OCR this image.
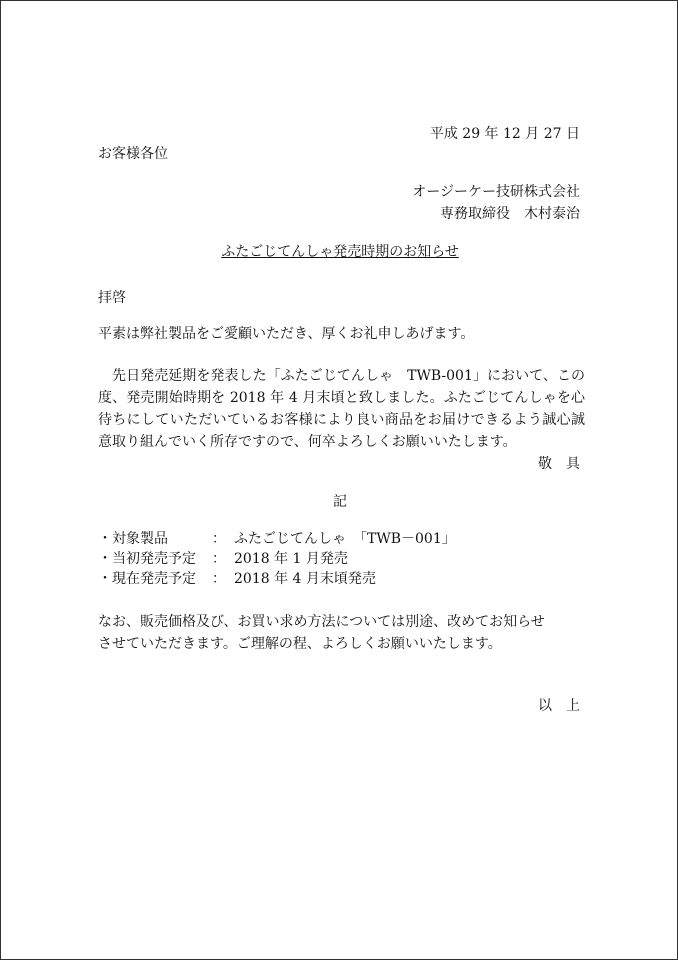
平成 29 年 12 月 27 日
お客様各位
オージーケー技研株式会社
専務取締役　木村泰治
ふたごじてんしゃ発売時期のお知らせ
拝啓
平素は弊社製品をご愛顧いただき、厚くお礼申しあげます。
　先日発売延期を発表した「ふたごじてんしゃ　TWB-001」において、この度、発売開始時期を 2018 年 4 月末頃と致しました。ふたごじてんしゃを心待ちにしていただいているお客様により良い商品をお届けできるよう誠心誠意取り組んでいく所存ですので、何卒よろしくお願いいたします。
敬　具
記
・対象製品	： ふたごじてんしゃ　「TWB－001」
・当初発売予定 ： 2018 年 1 月発売
・現在発売予定 ： 2018 年 4 月末頃発売
なお、販売価格及び、お買い求め方法については別途、改めてお知らせ
させていただきます。ご理解の程、よろしくお願いいたします。
以　上
